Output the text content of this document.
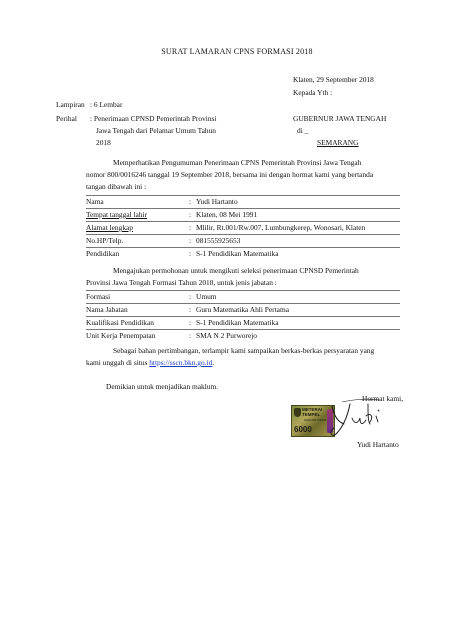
SURAT LAMARAN CPNS FORMASI 2018
Klaten, 29 September 2018
Kepada Yth :
Lampiran : 6 Lembar
Perihal : Penerimaan CPNSD Pemerintah Provinsi
Jawa Tengah dari Pelamar Umum Tahun
2018
GUBERNUR JAWA TENGAH
di _
SEMARANG
Memperhatikan Pengumuman Penerimaan CPNS Pemerintah Provinsi Jawa Tengah
nomor 800/0016246 tanggal 19 September 2018, bersama ini dengan hormat kami yang bertanda
tangan dibawah ini :
Nama	: Yudi Hartanto
Tempat tanggal lahir	: Klaten, 08 Mei 1991
Alamat lengkap	: Mlilir, Rt.001/Rw.007, Lumbungkerep, Wonosari, Klaten
No.HP/Telp.	: 081555925653
Pendidikan	: S-1 Pendidikan Matematika
Mengajukan permohonan untuk mengikuti seleksi penerimaan CPNSD Pemerintah
Provinsi Jawa Tengah Formasi Tahun 2018, untuk jenis jabatan :
Formasi	: Umum
Nama Jabatan	: Guru Matematika Ahli Pertama
Kualifikasi Pendidikan	: S-1 Pendidikan Matematika
Unit Kerja Penempatan	: SMA N 2 Purworejo
Sebagai bahan pertimbangan, terlampir kami sampaikan berkas-berkas persyaratan yang
kami unggah di situs https://sscn.bkn.go.id.
Demikian untuk menjadikan maklum.
Hormat kami,
METERAI
TEMPEL
6AFF294774603
6000
Yudi Hartanto
